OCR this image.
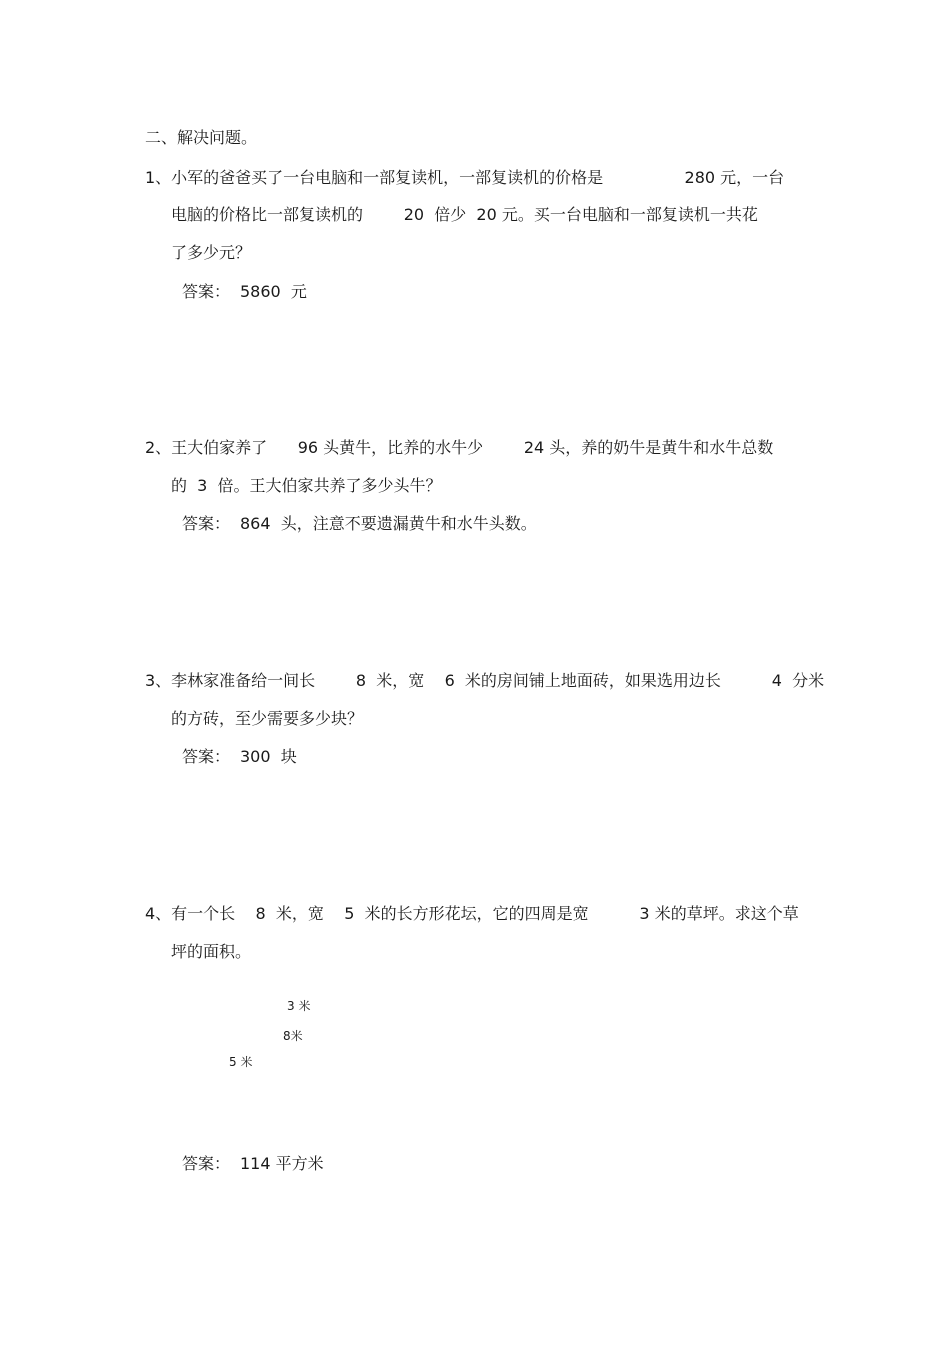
二、解决问题。
1、小军的爸爸买了一台电脑和一部复读机，一部复读机的价格是                280 元，一台
电脑的价格比一部复读机的        20  倍少  20 元。买一台电脑和一部复读机一共花
了多少元？
答案： 5860  元
2、王大伯家养了      96 头黄牛，比养的水牛少        24 头，养的奶牛是黄牛和水牛总数
的  3  倍。王大伯家共养了多少头牛？
答案： 864  头，注意不要遗漏黄牛和水牛头数。
3、李林家准备给一间长        8  米，宽    6  米的房间铺上地面砖，如果选用边长          4  分米
的方砖，至少需要多少块？
答案： 300  块
4、有一个长    8  米，宽    5  米的长方形花坛，它的四周是宽          3 米的草坪。求这个草
坪的面积。
3 米
8米
5 米
答案： 114 平方米
